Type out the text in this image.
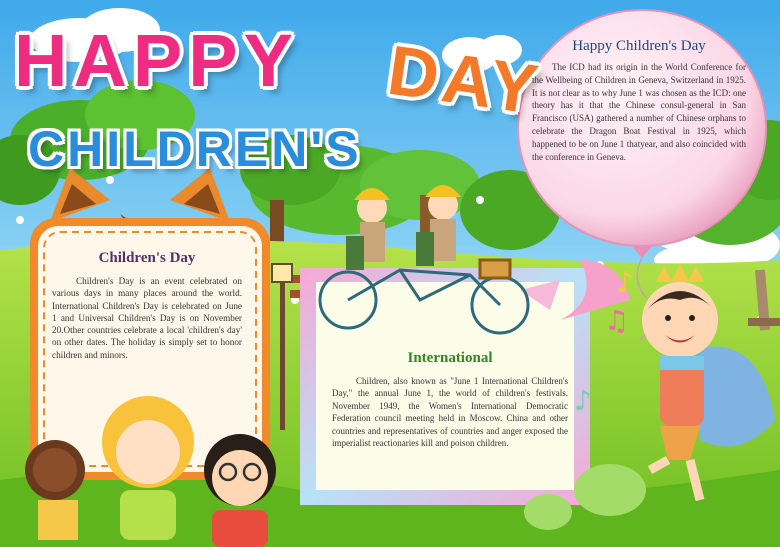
♫
♪
♪
HAPPY DAY
CHILDREN'S
Children's Day

Children's Day is an event celebrated on various days in many places around the world. International Children's Day is celebrated on June 1 and Universal Children's Day is on November 20.Other countries celebrate a local 'children's day' on other dates. The holiday is simply set to honor children and minors.	International

Children, also known as "June 1 International Children's Day," the annual June 1, the world of children's festivals. November 1949, the Women's International Democratic Federation council meeting held in Moscow. China and other countries and representatives of countries and anger exposed the imperialist reactionaries kill and poison children.

Happy Children's Day

The ICD had its origin in the World Conference for the Wellbeing of Children in Geneva, Switzerland in 1925. It is not clear as to why June 1 was chosen as the ICD: one theory has it that the Chinese consul-general in San Francisco (USA) gathered a number of Chinese orphans to celebrate the Dragon Boat Festival in 1925, which happened to be on June 1 thatyear, and also coincided with the conference in Geneva.
